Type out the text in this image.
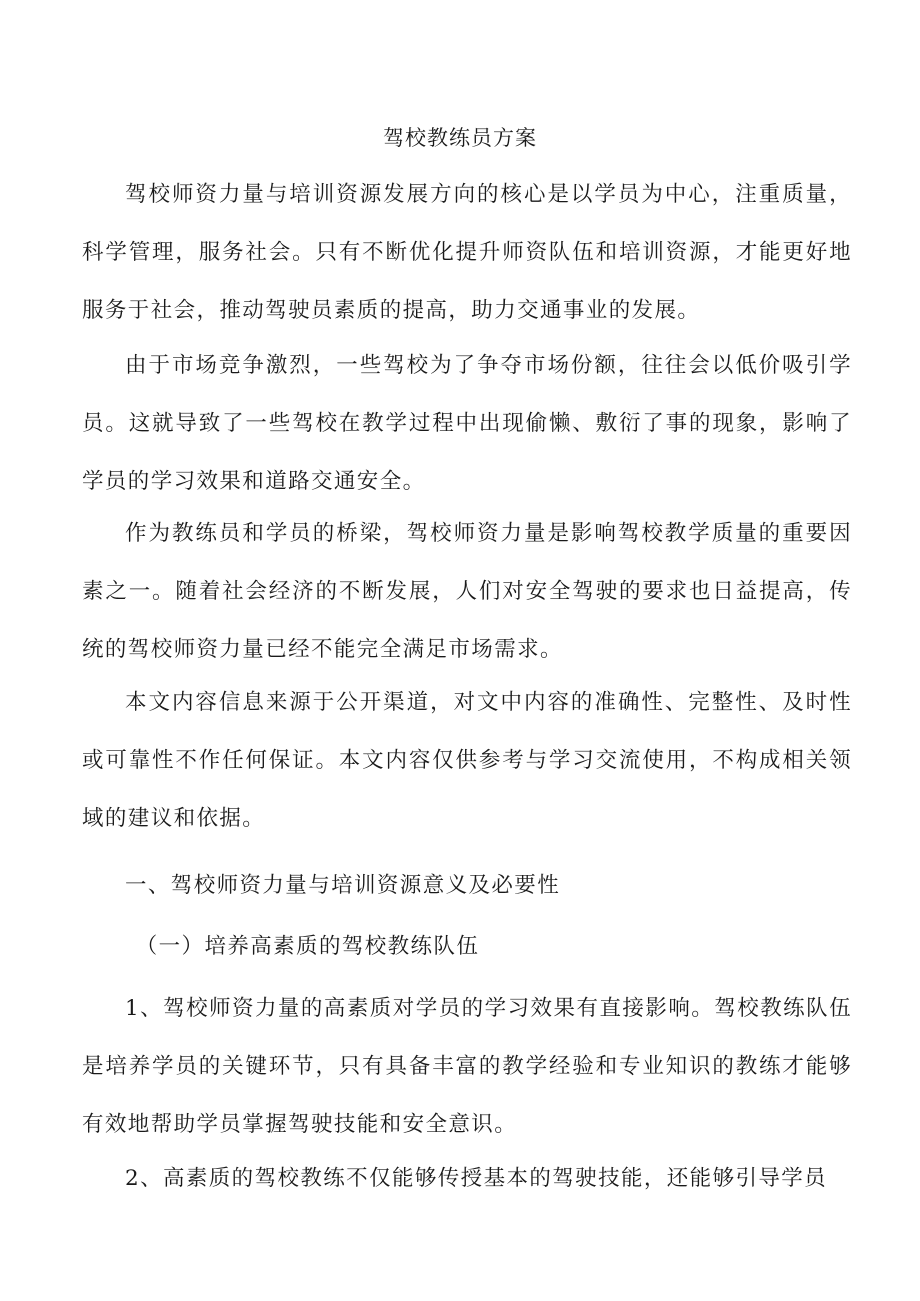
驾校教练员方案
驾校师资力量与培训资源发展方向的核心是以学员为中心，注重质量，科学管理，服务社会。只有不断优化提升师资队伍和培训资源，才能更好地服务于社会，推动驾驶员素质的提高，助力交通事业的发展。
由于市场竞争激烈，一些驾校为了争夺市场份额，往往会以低价吸引学员。这就导致了一些驾校在教学过程中出现偷懒、敷衍了事的现象，影响了学员的学习效果和道路交通安全。
作为教练员和学员的桥梁，驾校师资力量是影响驾校教学质量的重要因素之一。随着社会经济的不断发展，人们对安全驾驶的要求也日益提高，传统的驾校师资力量已经不能完全满足市场需求。
本文内容信息来源于公开渠道，对文中内容的准确性、完整性、及时性或可靠性不作任何保证。本文内容仅供参考与学习交流使用，不构成相关领域的建议和依据。
一、驾校师资力量与培训资源意义及必要性
（一）培养高素质的驾校教练队伍
1、驾校师资力量的高素质对学员的学习效果有直接影响。驾校教练队伍是培养学员的关键环节，只有具备丰富的教学经验和专业知识的教练才能够有效地帮助学员掌握驾驶技能和安全意识。
2、高素质的驾校教练不仅能够传授基本的驾驶技能，还能够引导学员
